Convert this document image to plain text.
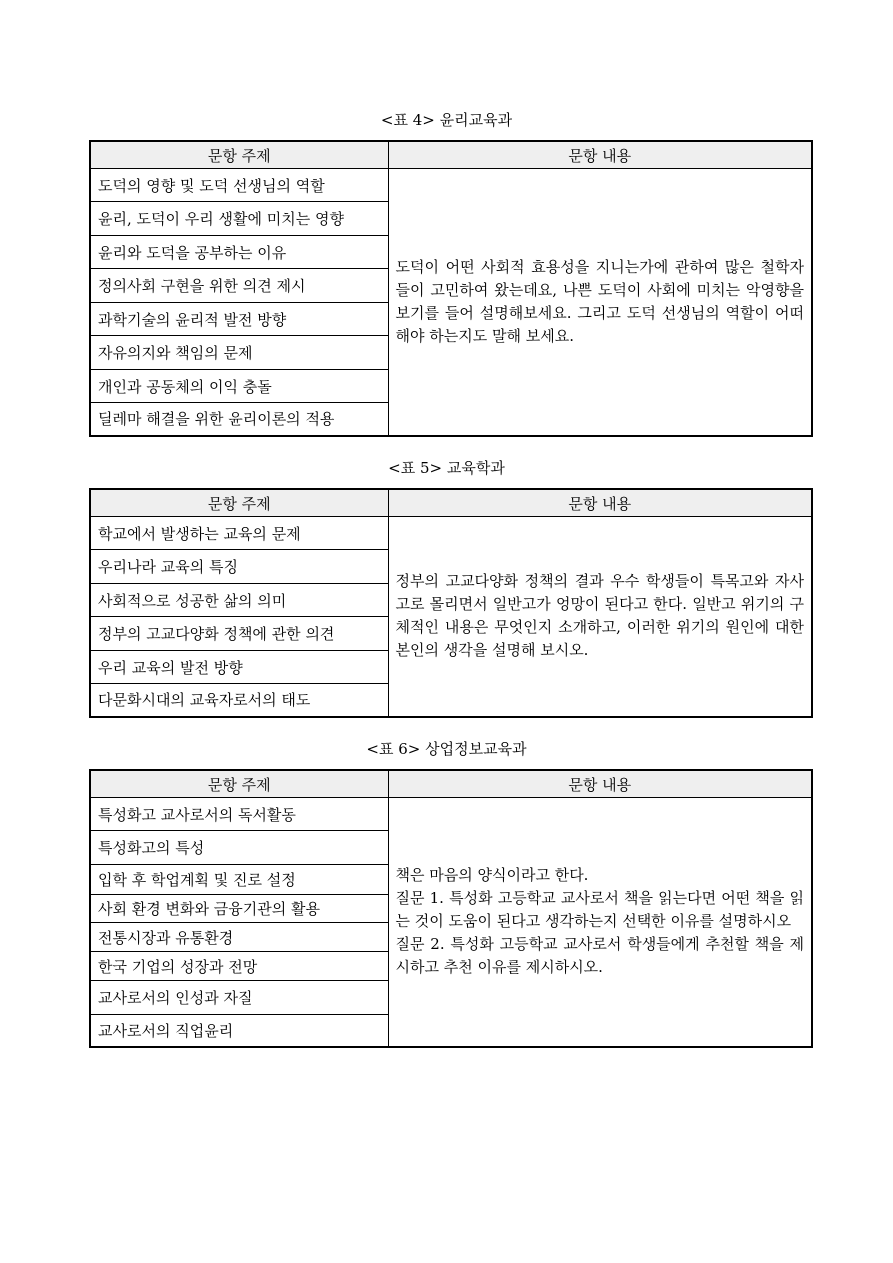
<표 4> 윤리교육과
문항 주제	문항 내용
도덕의 영향 및 도덕 선생님의 역할	도덕이 어떤 사회적 효용성을 지니는가에 관하여 많은 철학자들이 고민하여 왔는데요, 나쁜 도덕이 사회에 미치는 악영향을 보기를 들어 설명해보세요. 그리고 도덕 선생님의 역할이 어떠해야 하는지도 말해 보세요.
윤리, 도덕이 우리 생활에 미치는 영향	
윤리와 도덕을 공부하는 이유	
정의사회 구현을 위한 의견 제시	
과학기술의 윤리적 발전 방향	
자유의지와 책임의 문제	
개인과 공동체의 이익 충돌	
딜레마 해결을 위한 윤리이론의 적용	
<표 5> 교육학과
문항 주제	문항 내용
학교에서 발생하는 교육의 문제	정부의 고교다양화 정책의 결과 우수 학생들이 특목고와 자사고로 몰리면서 일반고가 엉망이 된다고 한다. 일반고 위기의 구체적인 내용은 무엇인지 소개하고, 이러한 위기의 원인에 대한 본인의 생각을 설명해 보시오.
우리나라 교육의 특징	
사회적으로 성공한 삶의 의미	
정부의 고교다양화 정책에 관한 의견	
우리 교육의 발전 방향	
다문화시대의 교육자로서의 태도	
<표 6> 상업정보교육과
문항 주제	문항 내용
특성화고 교사로서의 독서활동	책은 마음의 양식이라고 한다.
질문 1. 특성화 고등학교 교사로서 책을 읽는다면 어떤 책을 읽는 것이 도움이 된다고 생각하는지 선택한 이유를 설명하시오
질문 2. 특성화 고등학교 교사로서 학생들에게 추천할 책을 제시하고 추천 이유를 제시하시오.
특성화고의 특성	
입학 후 학업계획 및 진로 설정	
사회 환경 변화와 금융기관의 활용	
전통시장과 유통환경	
한국 기업의 성장과 전망	
교사로서의 인성과 자질	
교사로서의 직업윤리	
